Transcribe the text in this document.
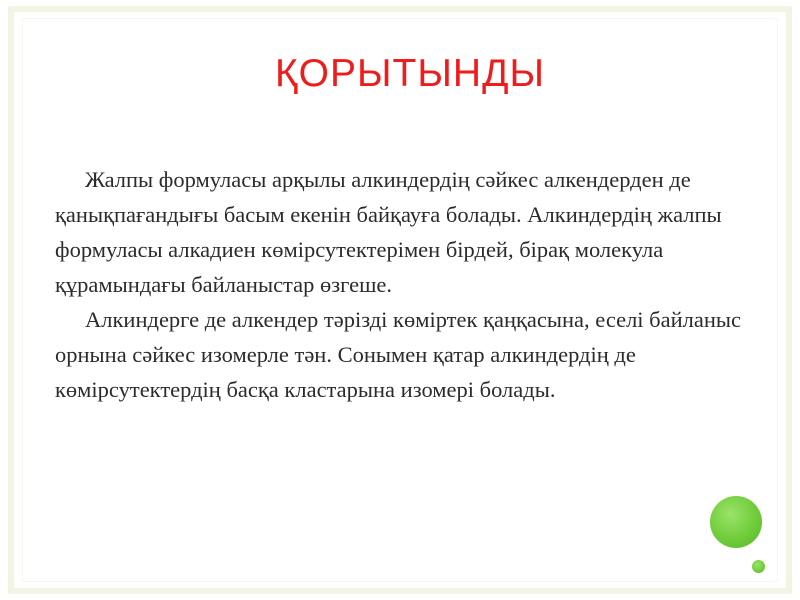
ҚОРЫТЫНДЫ

Жалпы формуласы арқылы алкиндердің сәйкес алкендерден де қанықпағандығы басым екенін байқауға болады. Алкиндердің жалпы формуласы алкадиен көмірсутектерімен бірдей, бірақ молекула құрамындағы байланыстар өзгеше.

Алкиндерге де алкендер тәрізді көміртек қаңқасына, еселі байланыс орнына сәйкес изомерле тән. Сонымен қатар алкиндердің де көмірсутектердің басқа кластарына изомері болады.
